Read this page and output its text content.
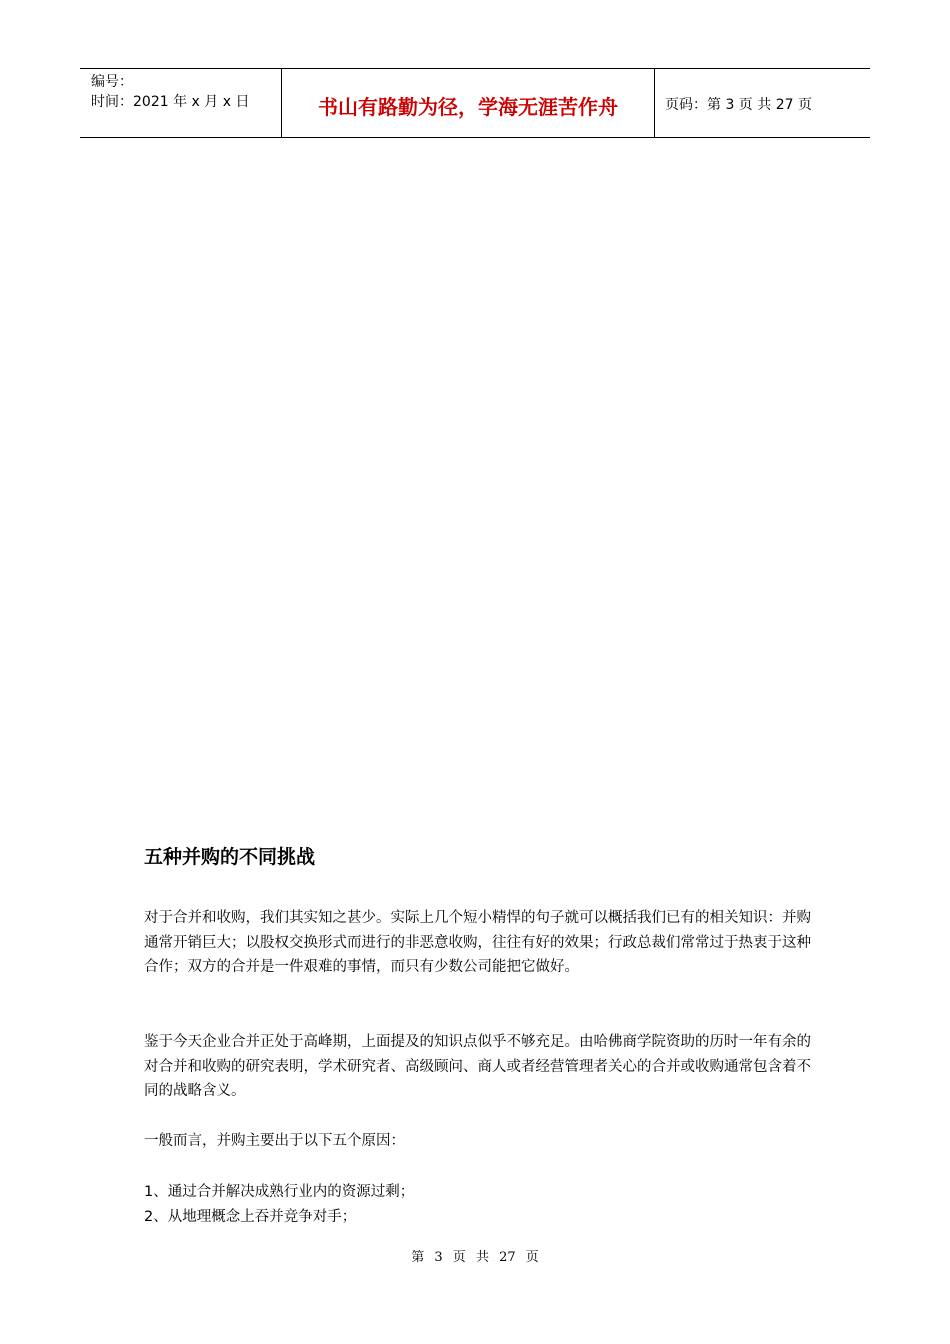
编号：
时间：2021 年 x 月 x 日	书山有路勤为径，学海无涯苦作舟	页码：第 3 页 共 27 页
五种并购的不同挑战
对于合并和收购，我们其实知之甚少。实际上几个短小精悍的句子就可以概括我们已有的相关知识：并购通常开销巨大；以股权交换形式而进行的非恶意收购，往往有好的效果；行政总裁们常常过于热衷于这种合作；双方的合并是一件艰难的事情，而只有少数公司能把它做好。
鉴于今天企业合并正处于高峰期，上面提及的知识点似乎不够充足。由哈佛商学院资助的历时一年有余的对合并和收购的研究表明，学术研究者、高级顾问、商人或者经营管理者关心的合并或收购通常包含着不同的战略含义。
一般而言，并购主要出于以下五个原因：
1、通过合并解决成熟行业内的资源过剩；
2、从地理概念上吞并竞争对手；
第 3 页 共 27 页
